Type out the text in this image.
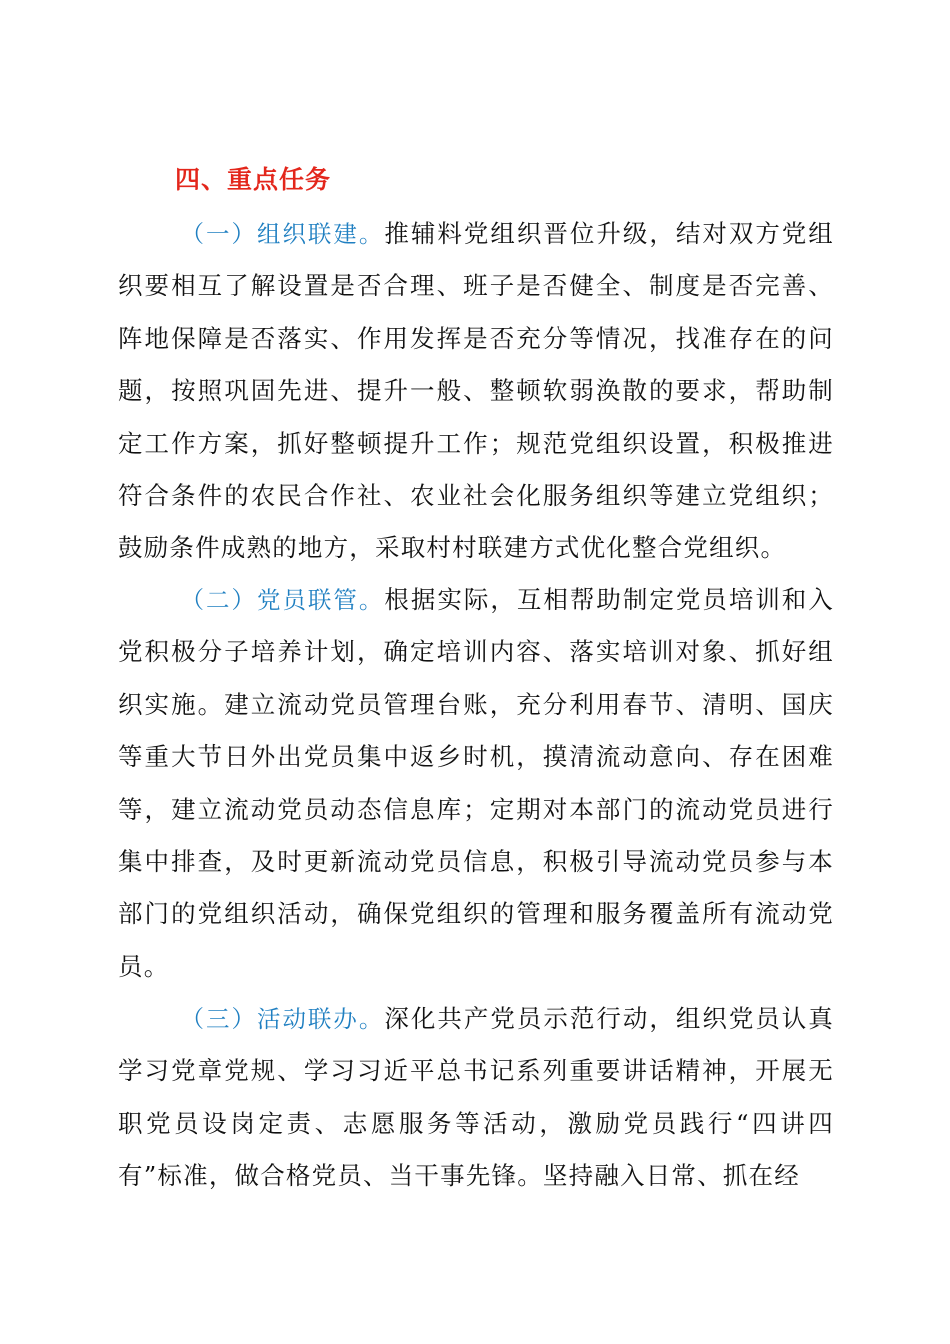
四、重点任务

（一）组织联建。推辅料党组织晋位升级，结对双方党组织要相互了解设置是否合理、班子是否健全、制度是否完善、阵地保障是否落实、作用发挥是否充分等情况，找准存在的问题，按照巩固先进、提升一般、整顿软弱涣散的要求，帮助制定工作方案，抓好整顿提升工作；规范党组织设置，积极推进符合条件的农民合作社、农业社会化服务组织等建立党组织；鼓励条件成熟的地方，采取村村联建方式优化整合党组织。

（二）党员联管。根据实际，互相帮助制定党员培训和入党积极分子培养计划，确定培训内容、落实培训对象、抓好组织实施。建立流动党员管理台账，充分利用春节、清明、国庆等重大节日外出党员集中返乡时机，摸清流动意向、存在困难等，建立流动党员动态信息库；定期对本部门的流动党员进行集中排查，及时更新流动党员信息，积极引导流动党员参与本部门的党组织活动，确保党组织的管理和服务覆盖所有流动党员。

（三）活动联办。深化共产党员示范行动，组织党员认真学习党章党规、学习习近平总书记系列重要讲话精神，开展无职党员设岗定责、志愿服务等活动，激励党员践行“四讲四有”标准，做合格党员、当干事先锋。坚持融入日常、抓在经
